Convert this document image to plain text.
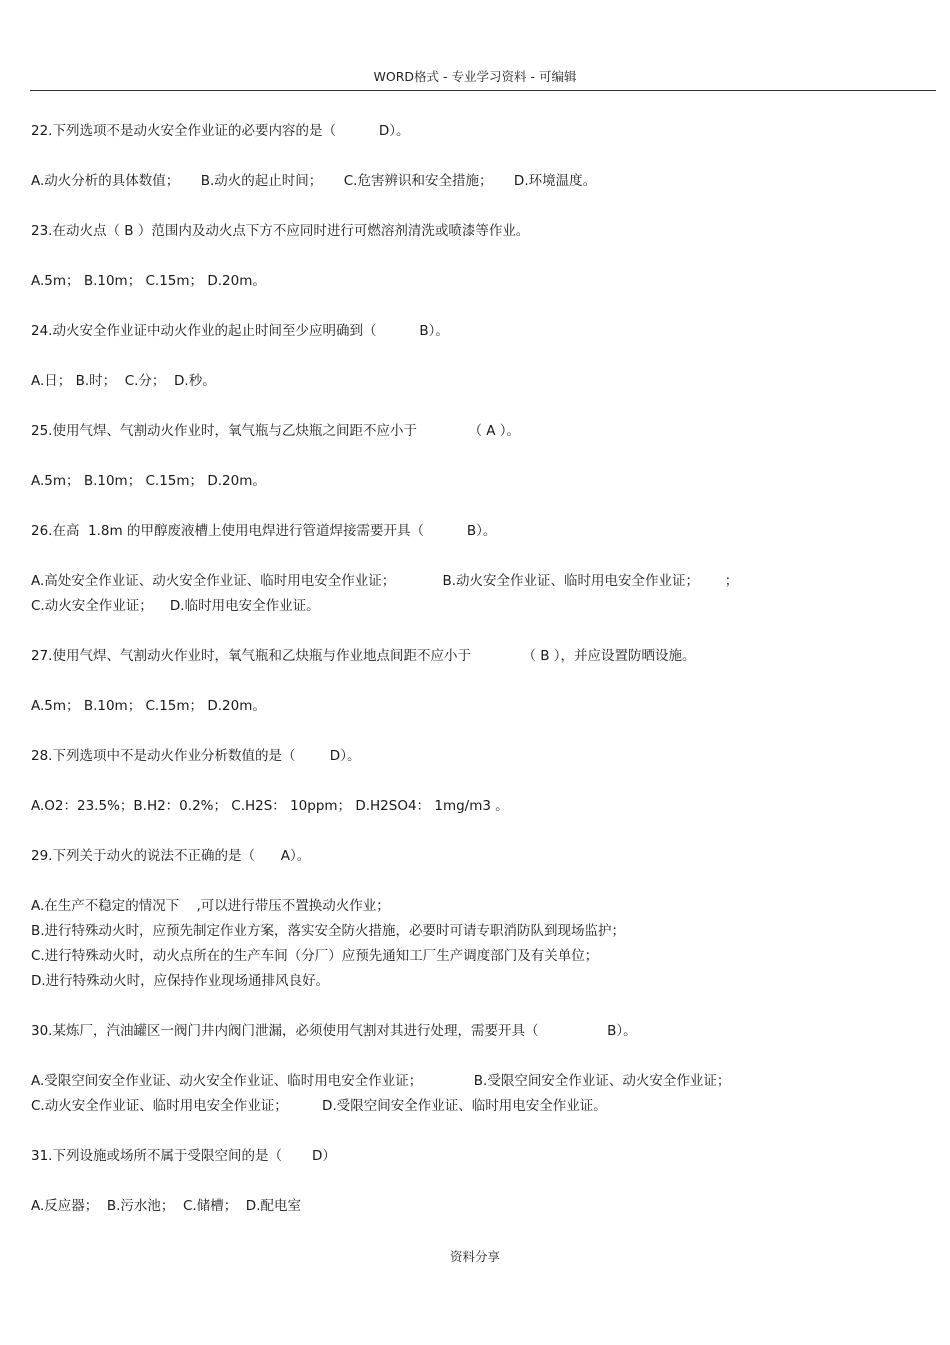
WORD格式 - 专业学习资料 - 可编辑
22.下列选项不是动火安全作业证的必要内容的是（          D）。
A.动火分析的具体数值；     B.动火的起止时间；     C.危害辨识和安全措施；     D.环境温度。
23.在动火点（ B ）范围内及动火点下方不应同时进行可燃溶剂清洗或喷漆等作业。
A.5m； B.10m； C.15m； D.20m。
24.动火安全作业证中动火作业的起止时间至少应明确到（          B）。
A.日； B.时；  C.分；  D.秒。
25.使用气焊、气割动火作业时，氧气瓶与乙炔瓶之间距不应小于            （ A ）。
A.5m； B.10m； C.15m； D.20m。
26.在高  1.8m 的甲醇废液槽上使用电焊进行管道焊接需要开具（          B）。
A.高处安全作业证、动火安全作业证、临时用电安全作业证；           B.动火安全作业证、临时用电安全作业证；      ；
C.动火安全作业证；    D.临时用电安全作业证。
27.使用气焊、气割动火作业时，氧气瓶和乙炔瓶与作业地点间距不应小于            （ B ），并应设置防晒设施。
A.5m； B.10m； C.15m； D.20m。
28.下列选项中不是动火作业分析数值的是（        D）。
A.O2：23.5%；B.H2：0.2%； C.H2S： 10ppm； D.H2SO4： 1mg/m3 。
29.下列关于动火的说法不正确的是（      A）。
A.在生产不稳定的情况下    ,可以进行带压不置换动火作业；
B.进行特殊动火时，应预先制定作业方案，落实安全防火措施，必要时可请专职消防队到现场监护；
C.进行特殊动火时，动火点所在的生产车间（分厂）应预先通知工厂生产调度部门及有关单位；
D.进行特殊动火时，应保持作业现场通排风良好。
30.某炼厂，汽油罐区一阀门井内阀门泄漏，必须使用气割对其进行处理，需要开具（                B）。
A.受限空间安全作业证、动火安全作业证、临时用电安全作业证；            B.受限空间安全作业证、动火安全作业证；
C.动火安全作业证、临时用电安全作业证；        D.受限空间安全作业证、临时用电安全作业证。
31.下列设施或场所不属于受限空间的是（       D）
A.反应器；  B.污水池；  C.储槽；  D.配电室
资料分享
